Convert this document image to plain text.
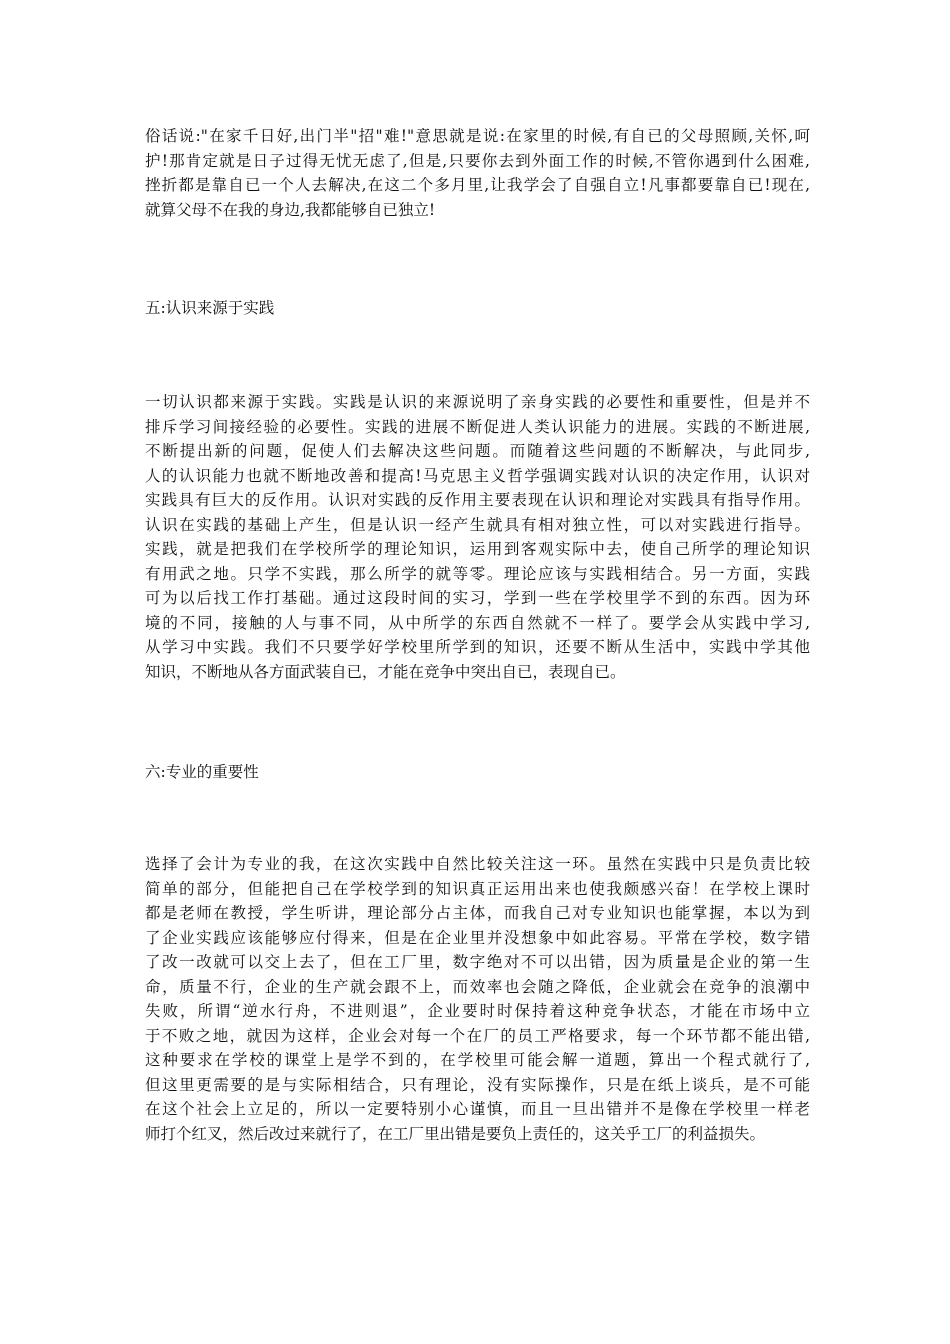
俗话说:"在家千日好,出门半"招"难!"意思就是说:在家里的时候,有自已的父母照顾,关怀,呵
护!那肯定就是日子过得无忧无虑了,但是,只要你去到外面工作的时候,不管你遇到什么困难,
挫折都是靠自已一个人去解决,在这二个多月里,让我学会了自强自立!凡事都要靠自已!现在,
就算父母不在我的身边,我都能够自已独立!
五:认识来源于实践
一切认识都来源于实践。实践是认识的来源说明了亲身实践的必要性和重要性，但是并不
排斥学习间接经验的必要性。实践的进展不断促进人类认识能力的进展。实践的不断进展,
不断提出新的问题，促使人们去解决这些问题。而随着这些问题的不断解决，与此同步,
人的认识能力也就不断地改善和提高!马克思主义哲学强调实践对认识的决定作用，认识对
实践具有巨大的反作用。认识对实践的反作用主要表现在认识和理论对实践具有指导作用。
认识在实践的基础上产生，但是认识一经产生就具有相对独立性，可以对实践进行指导。
实践，就是把我们在学校所学的理论知识，运用到客观实际中去，使自己所学的理论知识
有用武之地。只学不实践，那么所学的就等零。理论应该与实践相结合。另一方面，实践
可为以后找工作打基础。通过这段时间的实习，学到一些在学校里学不到的东西。因为环
境的不同，接触的人与事不同，从中所学的东西自然就不一样了。要学会从实践中学习,
从学习中实践。我们不只要学好学校里所学到的知识，还要不断从生活中，实践中学其他
知识，不断地从各方面武装自已，才能在竞争中突出自已，表现自已。
六:专业的重要性
选择了会计为专业的我，在这次实践中自然比较关注这一环。虽然在实践中只是负责比较
简单的部分，但能把自己在学校学到的知识真正运用出来也使我颇感兴奋！在学校上课时
都是老师在教授，学生听讲，理论部分占主体，而我自己对专业知识也能掌握，本以为到
了企业实践应该能够应付得来，但是在企业里并没想象中如此容易。平常在学校，数字错
了改一改就可以交上去了，但在工厂里，数字绝对不可以出错，因为质量是企业的第一生
命，质量不行，企业的生产就会跟不上，而效率也会随之降低，企业就会在竞争的浪潮中
失败，所谓“逆水行舟，不进则退”，企业要时时保持着这种竞争状态，才能在市场中立
于不败之地，就因为这样，企业会对每一个在厂的员工严格要求，每一个环节都不能出错,
这种要求在学校的课堂上是学不到的，在学校里可能会解一道题，算出一个程式就行了,
但这里更需要的是与实际相结合，只有理论，没有实际操作，只是在纸上谈兵，是不可能
在这个社会上立足的，所以一定要特别小心谨慎，而且一旦出错并不是像在学校里一样老
师打个红叉，然后改过来就行了，在工厂里出错是要负上责任的，这关乎工厂的利益损失。
